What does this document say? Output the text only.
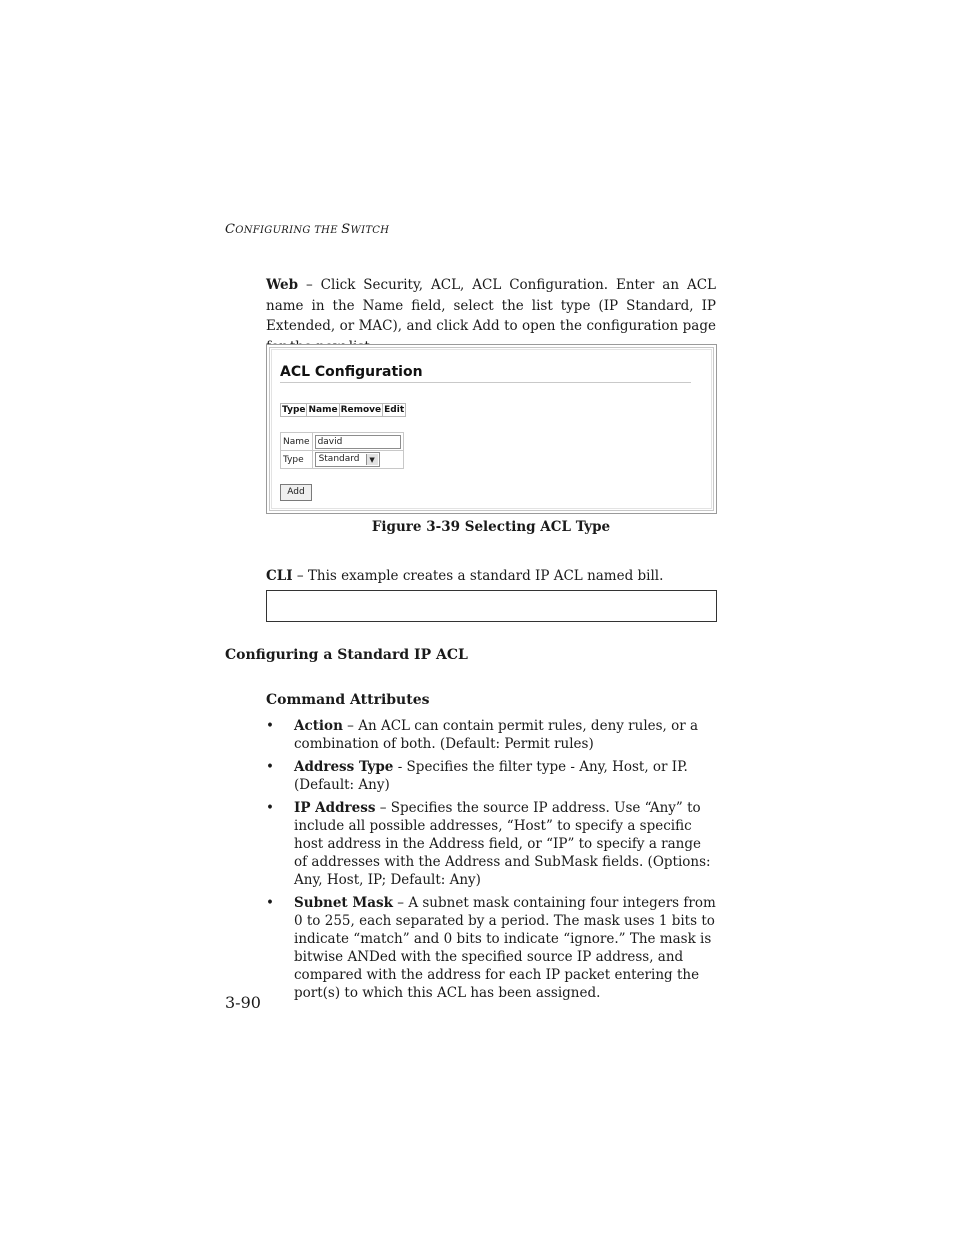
CONFIGURING THE SWITCH
Web – Click Security, ACL, ACL Configuration. Enter an ACL name in the Name field, select the list type (IP Standard, IP Extended, or MAC), and click Add to open the configuration page
ACL Configuration
Type	Name	Remove	Edit
Name	david

Type	Standard ▼
Add
Figure 3-39 Selecting ACL Type
CLI – This example creates a standard IP ACL named bill.
Configuring a Standard IP ACL
Command Attributes
•	Action – An ACL can contain permit rules, deny rules, or a combination of both. (Default: Permit rules)
•	Address Type - Specifies the filter type - Any, Host, or IP. (Default: Any)
•	IP Address – Specifies the source IP address. Use “Any” to include all possible addresses, “Host” to specify a specific host address in the Address field, or “IP” to specify a range of addresses with the Address and SubMask fields. (Options: Any, Host, IP; Default: Any)
•	Subnet Mask – A subnet mask containing four integers from 0 to 255, each separated by a period. The mask uses 1 bits to indicate “match” and 0 bits to indicate “ignore.” The mask is bitwise ANDed with the specified source IP address, and compared with the address for each IP packet entering the port(s) to which this ACL has been assigned.
3-90
